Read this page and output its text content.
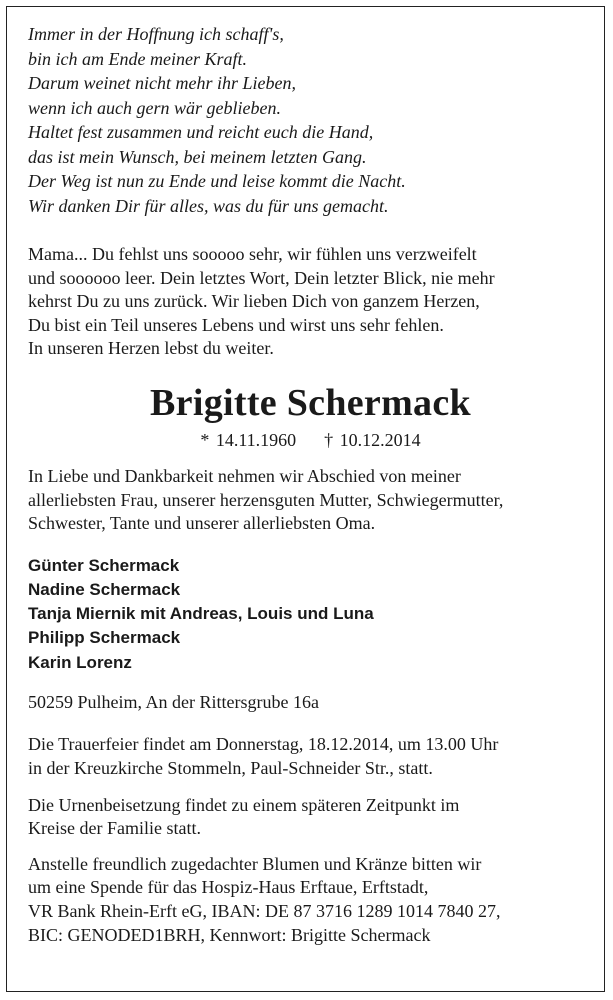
Immer in der Hoffnung ich schaff's,
bin ich am Ende meiner Kraft.
Darum weinet nicht mehr ihr Lieben,
wenn ich auch gern wär geblieben.
Haltet fest zusammen und reicht euch die Hand,
das ist mein Wunsch, bei meinem letzten Gang.
Der Weg ist nun zu Ende und leise kommt die Nacht.
Wir danken Dir für alles, was du für uns gemacht.
Mama... Du fehlst uns sooooo sehr, wir fühlen uns verzweifelt
und soooooo leer. Dein letztes Wort, Dein letzter Blick, nie mehr
kehrst Du zu uns zurück. Wir lieben Dich von ganzem Herzen,
Du bist ein Teil unseres Lebens und wirst uns sehr fehlen.
In unseren Herzen lebst du weiter.
Brigitte Schermack
* 14.11.1960 † 10.12.2014
In Liebe und Dankbarkeit nehmen wir Abschied von meiner
allerliebsten Frau, unserer herzensguten Mutter, Schwiegermutter,
Schwester, Tante und unserer allerliebsten Oma.
Günter Schermack
Nadine Schermack
Tanja Miernik mit Andreas, Louis und Luna
Philipp Schermack
Karin Lorenz
50259 Pulheim, An der Rittersgrube 16a
Die Trauerfeier findet am Donnerstag, 18.12.2014, um 13.00 Uhr
in der Kreuzkirche Stommeln, Paul-Schneider Str., statt.
Die Urnenbeisetzung findet zu einem späteren Zeitpunkt im
Kreise der Familie statt.
Anstelle freundlich zugedachter Blumen und Kränze bitten wir
um eine Spende für das Hospiz-Haus Erftaue, Erftstadt,
VR Bank Rhein-Erft eG, IBAN: DE 87 3716 1289 1014 7840 27,
BIC: GENODED1BRH, Kennwort: Brigitte Schermack
